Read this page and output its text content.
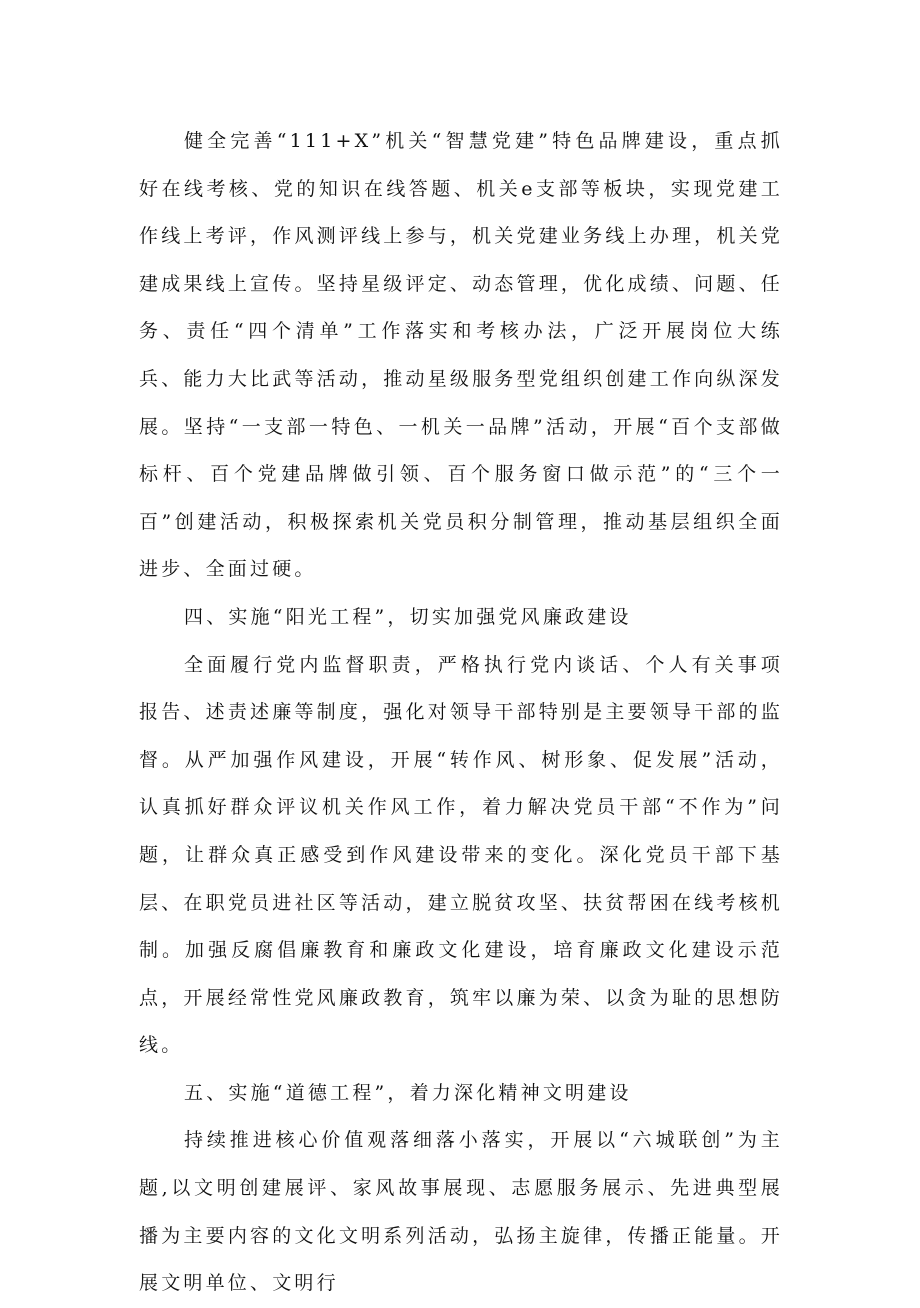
健全完善“111+X”机关“智慧党建”特色品牌建设，重点抓好在线考核、党的知识在线答题、机关e支部等板块，实现党建工作线上考评，作风测评线上参与，机关党建业务线上办理，机关党建成果线上宣传。坚持星级评定、动态管理，优化成绩、问题、任务、责任“四个清单”工作落实和考核办法，广泛开展岗位大练兵、能力大比武等活动，推动星级服务型党组织创建工作向纵深发展。坚持“一支部一特色、一机关一品牌”活动，开展“百个支部做标杆、百个党建品牌做引领、百个服务窗口做示范”的“三个一百”创建活动，积极探索机关党员积分制管理，推动基层组织全面进步、全面过硬。

四、实施“阳光工程”，切实加强党风廉政建设

全面履行党内监督职责，严格执行党内谈话、个人有关事项报告、述责述廉等制度，强化对领导干部特别是主要领导干部的监督。从严加强作风建设，开展“转作风、树形象、促发展”活动，认真抓好群众评议机关作风工作，着力解决党员干部“不作为”问题，让群众真正感受到作风建设带来的变化。深化党员干部下基层、在职党员进社区等活动，建立脱贫攻坚、扶贫帮困在线考核机制。加强反腐倡廉教育和廉政文化建设，培育廉政文化建设示范点，开展经常性党风廉政教育，筑牢以廉为荣、以贪为耻的思想防线。

五、实施“道德工程”，着力深化精神文明建设

持续推进核心价值观落细落小落实，开展以“六城联创”为主题,以文明创建展评、家风故事展现、志愿服务展示、先进典型展播为主要内容的文化文明系列活动，弘扬主旋律，传播正能量。开展文明单位、文明行
